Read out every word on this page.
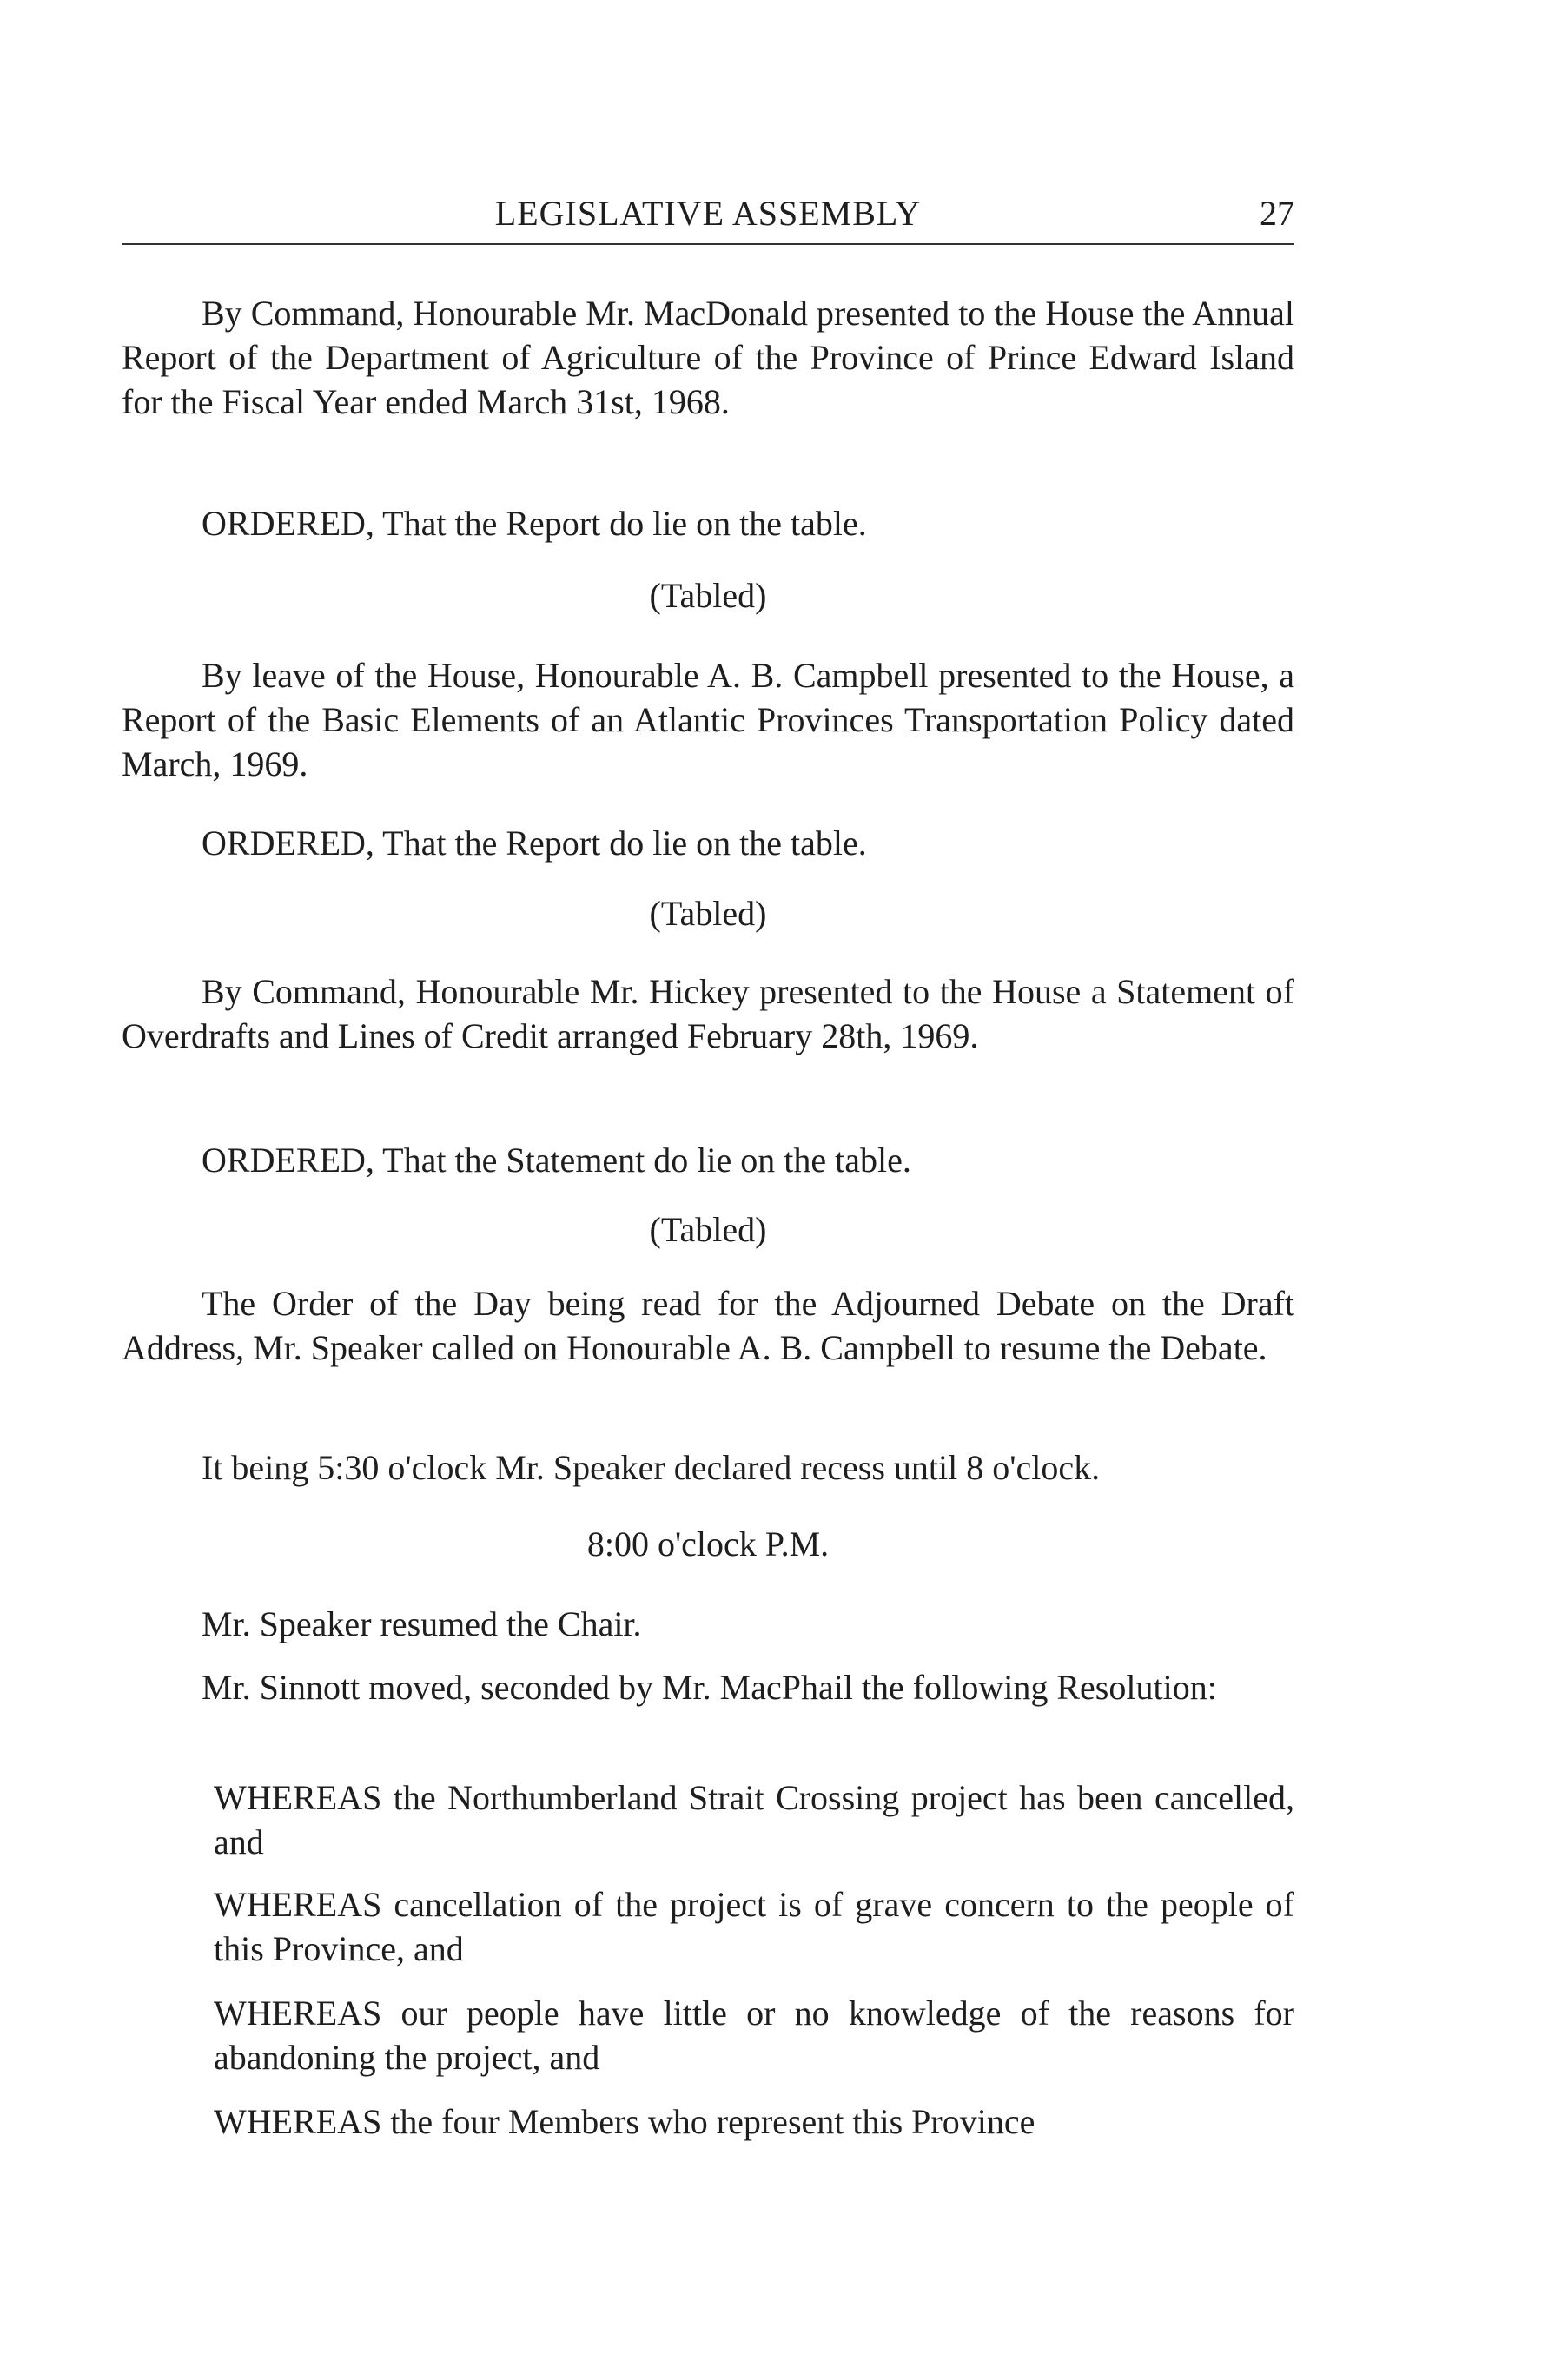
LEGISLATIVE ASSEMBLY	27

By Command, Honourable Mr. MacDonald presented to the House the Annual Report of the Department of Agriculture of the Province of Prince Edward Island for the Fiscal Year ended March 31st, 1968.

ORDERED, That the Report do lie on the table.

(Tabled)

By leave of the House, Honourable A. B. Campbell presented to the House, a Report of the Basic Elements of an Atlantic Provinces Transportation Policy dated March, 1969.

ORDERED, That the Report do lie on the table.

(Tabled)

By Command, Honourable Mr. Hickey presented to the House a Statement of Overdrafts and Lines of Credit arranged February 28th, 1969.

ORDERED, That the Statement do lie on the table.

(Tabled)

The Order of the Day being read for the Adjourned Debate on the Draft Address, Mr. Speaker called on Honourable A. B. Campbell to resume the Debate.

It being 5:30 o'clock Mr. Speaker declared recess until 8 o'clock.

8:00 o'clock P.M.

Mr. Speaker resumed the Chair.

Mr. Sinnott moved, seconded by Mr. MacPhail the following Resolution:

WHEREAS the Northumberland Strait Crossing project has been cancelled, and

WHEREAS cancellation of the project is of grave concern to the people of this Province, and

WHEREAS our people have little or no knowledge of the reasons for abandoning the project, and

WHEREAS the four Members who represent this Province
